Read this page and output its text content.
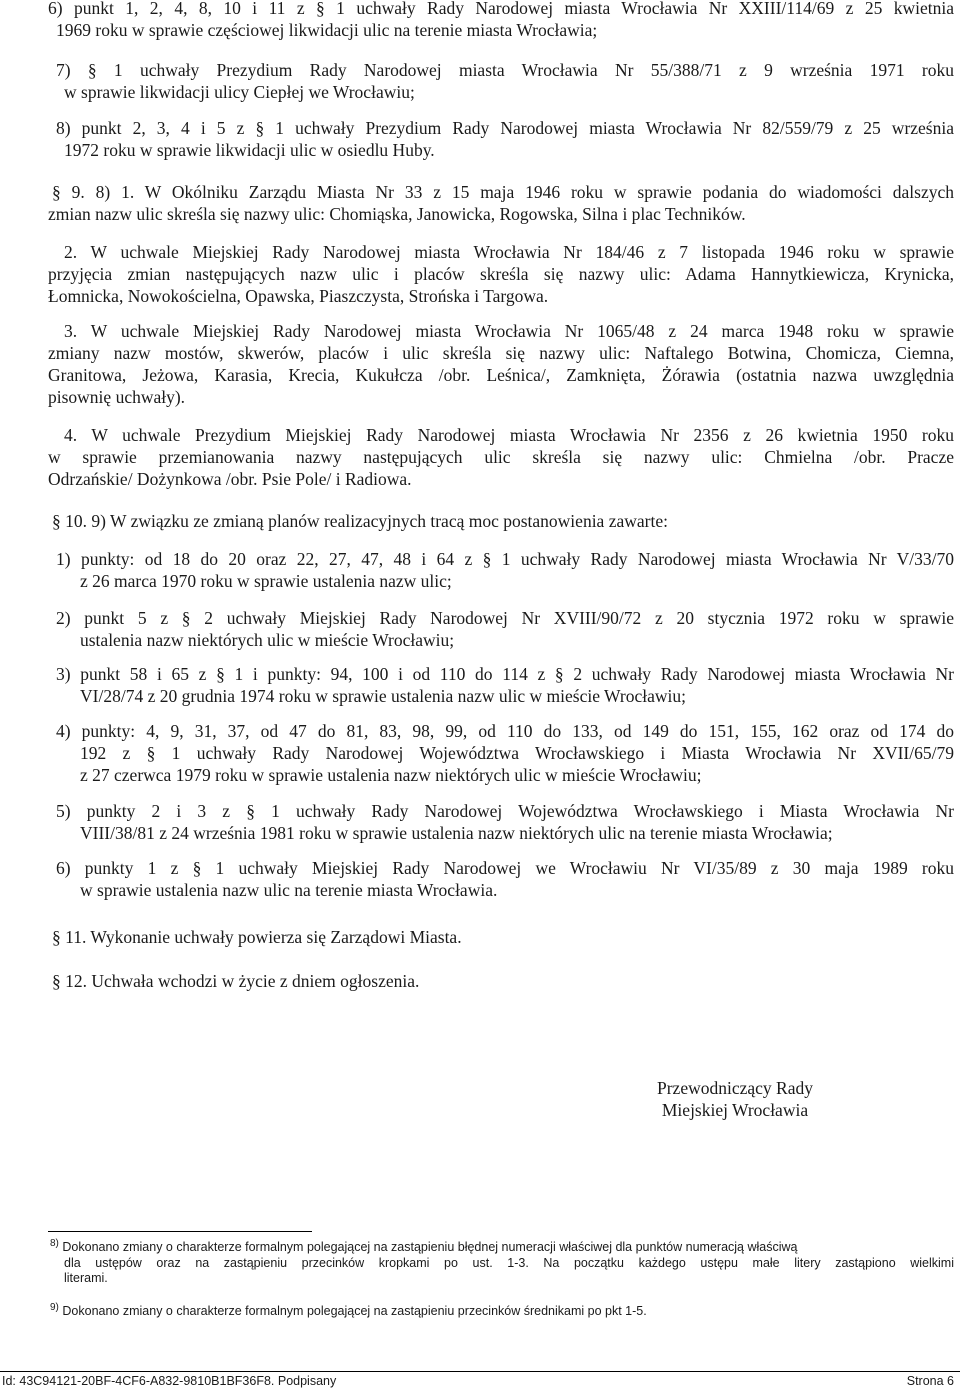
6) punkt 1, 2, 4, 8, 10 i 11 z § 1 uchwały Rady Narodowej miasta Wrocławia Nr XXIII/114/69 z 25 kwietnia
1969 roku w sprawie częściowej likwidacji ulic na terenie miasta Wrocławia;
7) § 1 uchwały Prezydium Rady Narodowej miasta Wrocławia Nr 55/388/71 z 9 września 1971 roku
w sprawie likwidacji ulicy Ciepłej we Wrocławiu;
8) punkt 2, 3, 4 i 5 z § 1 uchwały Prezydium Rady Narodowej miasta Wrocławia Nr 82/559/79 z 25 września
1972 roku w sprawie likwidacji ulic w osiedlu Huby.
§ 9. 8) 1. W Okólniku Zarządu Miasta Nr 33 z 15 maja 1946 roku w sprawie podania do wiadomości dalszych
zmian nazw ulic skreśla się nazwy ulic: Chomiąska, Janowicka, Rogowska, Silna i plac Techników.
2. W uchwale Miejskiej Rady Narodowej miasta Wrocławia Nr 184/46 z 7 listopada 1946 roku w sprawie
przyjęcia zmian następujących nazw ulic i placów skreśla się nazwy ulic: Adama Hannytkiewicza, Krynicka,
Łomnicka, Nowokościelna, Opawska, Piaszczysta, Strońska i Targowa.
3. W uchwale Miejskiej Rady Narodowej miasta Wrocławia Nr 1065/48 z 24 marca 1948 roku w sprawie
zmiany nazw mostów, skwerów, placów i ulic skreśla się nazwy ulic: Naftalego Botwina, Chomicza, Ciemna,
Granitowa, Jeżowa, Karasia, Krecia, Kukułcza /obr. Leśnica/, Zamknięta, Żórawia (ostatnia nazwa uwzględnia
pisownię uchwały).
4. W uchwale Prezydium Miejskiej Rady Narodowej miasta Wrocławia Nr 2356 z 26 kwietnia 1950 roku
w sprawie przemianowania nazwy następujących ulic skreśla się nazwy ulic: Chmielna /obr. Pracze
Odrzańskie/ Dożynkowa /obr. Psie Pole/ i Radiowa.
§ 10. 9) W związku ze zmianą planów realizacyjnych tracą moc postanowienia zawarte:
1) punkty: od 18 do 20 oraz 22, 27, 47, 48 i 64 z § 1 uchwały Rady Narodowej miasta Wrocławia Nr V/33/70
z 26 marca 1970 roku w sprawie ustalenia nazw ulic;
2) punkt 5 z § 2 uchwały Miejskiej Rady Narodowej Nr XVIII/90/72 z 20 stycznia 1972 roku w sprawie
ustalenia nazw niektórych ulic w mieście Wrocławiu;
3) punkt 58 i 65 z § 1 i punkty: 94, 100 i od 110 do 114 z § 2 uchwały Rady Narodowej miasta Wrocławia Nr
VI/28/74 z 20 grudnia 1974 roku w sprawie ustalenia nazw ulic w mieście Wrocławiu;
4) punkty: 4, 9, 31, 37, od 47 do 81, 83, 98, 99, od 110 do 133, od 149 do 151, 155, 162 oraz od 174 do
192 z § 1 uchwały Rady Narodowej Województwa Wrocławskiego i Miasta Wrocławia Nr XVII/65/79
z 27 czerwca 1979 roku w sprawie ustalenia nazw niektórych ulic w mieście Wrocławiu;
5) punkty 2 i 3 z § 1 uchwały Rady Narodowej Województwa Wrocławskiego i Miasta Wrocławia Nr
VIII/38/81 z 24 września 1981 roku w sprawie ustalenia nazw niektórych ulic na terenie miasta Wrocławia;
6) punkty 1 z § 1 uchwały Miejskiej Rady Narodowej we Wrocławiu Nr VI/35/89 z 30 maja 1989 roku
w sprawie ustalenia nazw ulic na terenie miasta Wrocławia.
§ 11. Wykonanie uchwały powierza się Zarządowi Miasta.
§ 12. Uchwała wchodzi w życie z dniem ogłoszenia.
Przewodniczący Rady
Miejskiej Wrocławia
$^{8)}$ Dokonano zmiany o charakterze formalnym polegającej na zastąpieniu błędnej numeracji właściwej dla punktów numeracją właściwą
dla ustępów oraz na zastąpieniu przecinków kropkami po ust. 1-3. Na początku każdego ustępu małe litery zastąpiono wielkimi
literami.
$^{9)}$ Dokonano zmiany o charakterze formalnym polegającej na zastąpieniu przecinków średnikami po pkt 1-5.
Id: 43C94121-20BF-4CF6-A832-9810B1BF36F8. Podpisany	Strona 6
